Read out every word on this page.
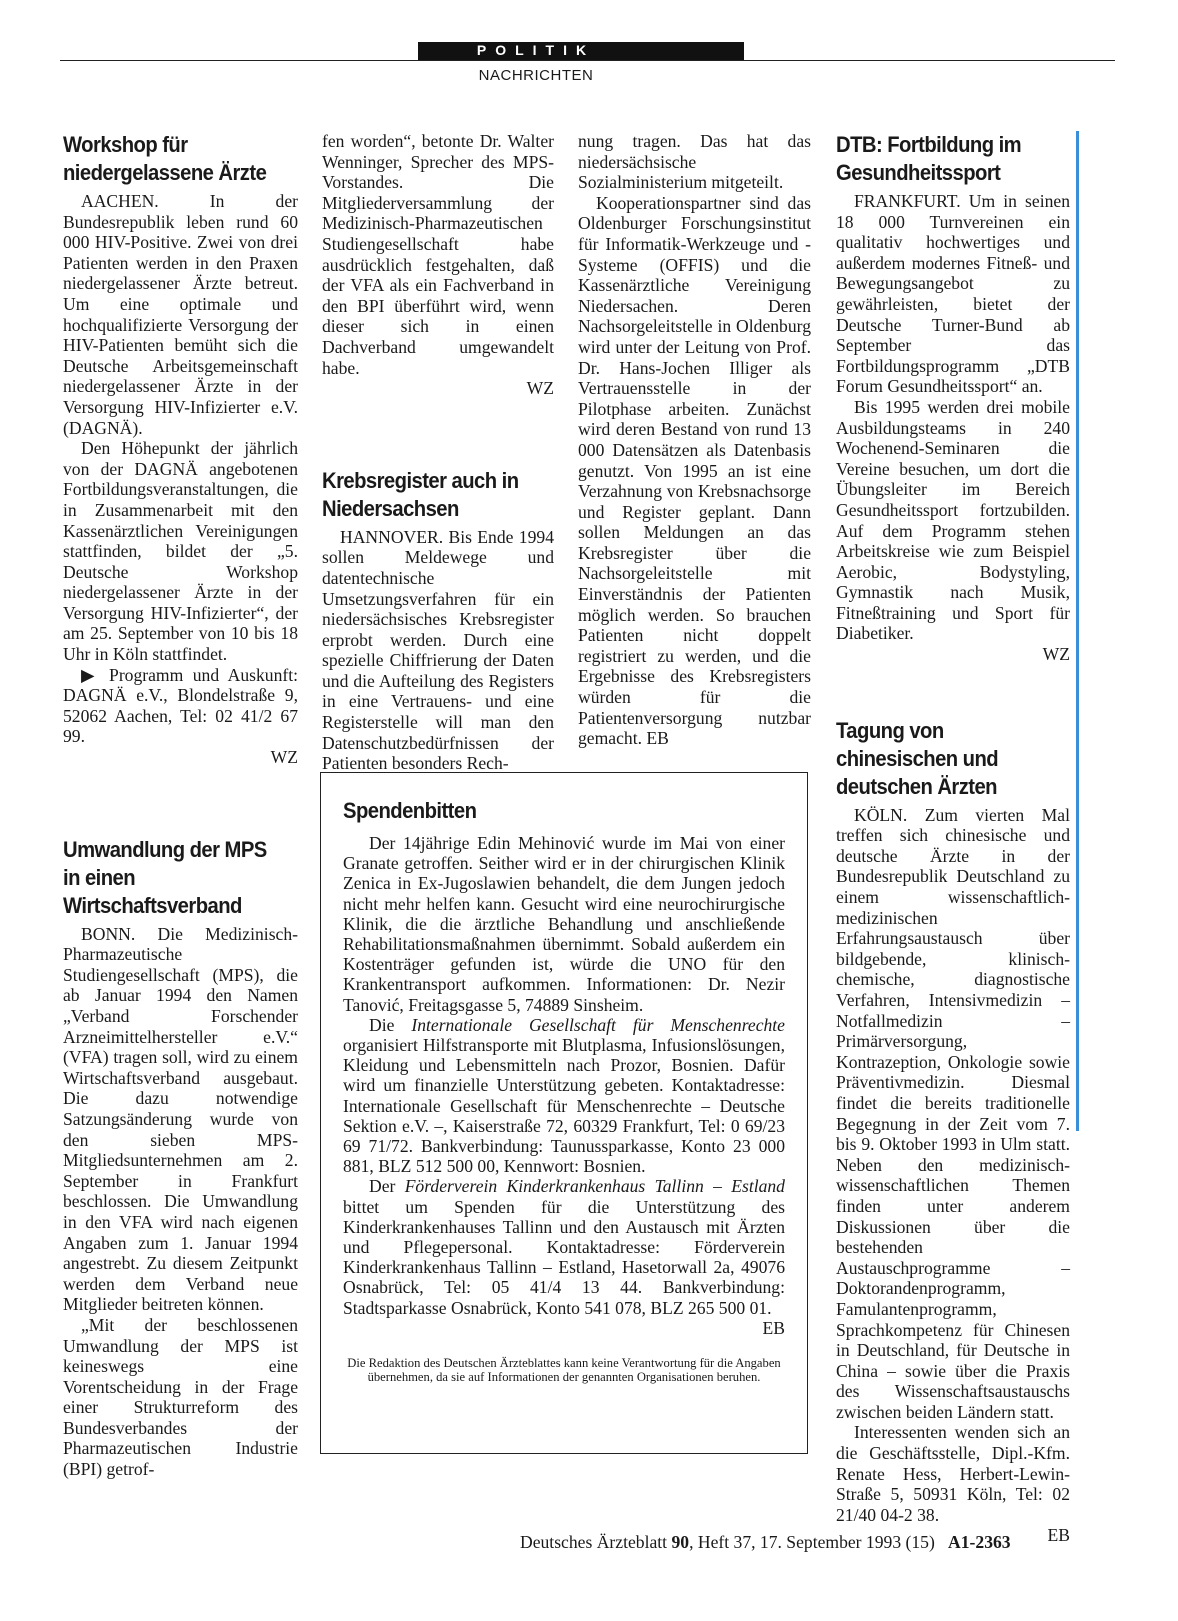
POLITIK
NACHRICHTEN
Workshop für niedergelassene Ärzte

AACHEN. In der Bundesrepublik leben rund 60 000 HIV-Positive. Zwei von drei Patienten werden in den Praxen niedergelassener Ärzte betreut. Um eine optimale und hochqualifizierte Versorgung der HIV-Patienten bemüht sich die Deutsche Arbeitsgemeinschaft niedergelassener Ärzte in der Versorgung HIV-Infizierter e.V. (DAGNÄ).

Den Höhepunkt der jährlich von der DAGNÄ angebotenen Fortbildungsveranstaltungen, die in Zusammenarbeit mit den Kassenärztlichen Vereinigungen stattfinden, bildet der „5. Deutsche Workshop niedergelassener Ärzte in der Versorgung HIV-Infizierter“, der am 25. September von 10 bis 18 Uhr in Köln stattfindet.

▶ Programm und Auskunft: DAGNÄ e.V., Blondelstraße 9, 52062 Aachen, Tel: 02 41/2 67 99.

WZ

Umwandlung der MPS in einen Wirtschaftsverband

BONN. Die Medizinisch-Pharmazeutische Studiengesellschaft (MPS), die ab Januar 1994 den Namen „Verband Forschender Arzneimittelhersteller e.V.“ (VFA) tragen soll, wird zu einem Wirtschaftsverband ausgebaut. Die dazu notwendige Satzungsänderung wurde von den sieben MPS-Mitgliedsunternehmen am 2. September in Frankfurt beschlossen. Die Umwandlung in den VFA wird nach eigenen Angaben zum 1. Januar 1994 angestrebt. Zu diesem Zeitpunkt werden dem Verband neue Mitglieder beitreten können.

„Mit der beschlossenen Umwandlung der MPS ist keineswegs eine Vorentscheidung in der Frage einer Strukturreform des Bundesverbandes der Pharmazeutischen Industrie (BPI) getrof-

fen worden“, betonte Dr. Walter Wenninger, Sprecher des MPS-Vorstandes. Die Mitgliederversammlung der Medizinisch-Pharmazeutischen Studiengesellschaft habe ausdrücklich festgehalten, daß der VFA als ein Fachverband in den BPI überführt wird, wenn dieser sich in einen Dachverband umgewandelt habe.

WZ

Krebsregister auch in Niedersachsen

HANNOVER. Bis Ende 1994 sollen Meldewege und datentechnische Umsetzungsverfahren für ein niedersächsisches Krebsregister erprobt werden. Durch eine spezielle Chiffrierung der Daten und die Aufteilung des Registers in eine Vertrauens- und eine Registerstelle will man den Datenschutzbedürfnissen der Patienten besonders Rech-

nung tragen. Das hat das niedersächsische Sozialministerium mitgeteilt.

Kooperationspartner sind das Oldenburger Forschungsinstitut für Informatik-Werkzeuge und -Systeme (OFFIS) und die Kassenärztliche Vereinigung Niedersachen. Deren Nachsorgeleitstelle in Oldenburg wird unter der Leitung von Prof. Dr. Hans-Jochen Illiger als Vertrauensstelle in der Pilotphase arbeiten. Zunächst wird deren Bestand von rund 13 000 Datensätzen als Datenbasis genutzt. Von 1995 an ist eine Verzahnung von Krebsnachsorge und Register geplant. Dann sollen Meldungen an das Krebsregister über die Nachsorgeleitstelle mit Einverständnis der Patienten möglich werden. So brauchen Patienten nicht doppelt registriert zu werden, und die Ergebnisse des Krebsregisters würden für die Patientenversorgung nutzbar gemacht. EB

DTB: Fortbildung im Gesundheitssport

FRANKFURT. Um in seinen 18 000 Turnvereinen ein qualitativ hochwertiges und außerdem modernes Fitneß- und Bewegungsangebot zu gewährleisten, bietet der Deutsche Turner-Bund ab September das Fortbildungsprogramm „DTB Forum Gesundheitssport“ an.

Bis 1995 werden drei mobile Ausbildungsteams in 240 Wochenend-Seminaren die Vereine besuchen, um dort die Übungsleiter im Bereich Gesundheitssport fortzubilden. Auf dem Programm stehen Arbeitskreise wie zum Beispiel Aerobic, Bodystyling, Gymnastik nach Musik, Fitneßtraining und Sport für Diabetiker.

WZ

Tagung von chinesischen und deutschen Ärzten

KÖLN. Zum vierten Mal treffen sich chinesische und deutsche Ärzte in der Bundesrepublik Deutschland zu einem wissenschaftlich-medizinischen Erfahrungsaustausch über bildgebende, klinisch-chemische, diagnostische Verfahren, Intensivmedizin – Notfallmedizin – Primärversorgung, Kontrazeption, Onkologie sowie Präventivmedizin. Diesmal findet die bereits traditionelle Begegnung in der Zeit vom 7. bis 9. Oktober 1993 in Ulm statt. Neben den medizinisch-wissenschaftlichen Themen finden unter anderem Diskussionen über die bestehenden Austauschprogramme – Doktorandenprogramm, Famulantenprogramm, Sprachkompetenz für Chinesen in Deutschland, für Deutsche in China – sowie über die Praxis des Wissenschaftsaustauschs zwischen beiden Ländern statt.

Interessenten wenden sich an die Geschäftsstelle, Dipl.-Kfm. Renate Hess, Herbert-Lewin-Straße 5, 50931 Köln, Tel: 02 21/40 04-2 38.

EB

Spendenbitten

Der 14jährige Edin Mehinović wurde im Mai von einer Granate getroffen. Seither wird er in der chirurgischen Klinik Zenica in Ex-Jugoslawien behandelt, die dem Jungen jedoch nicht mehr helfen kann. Gesucht wird eine neurochirurgische Klinik, die die ärztliche Behandlung und anschließende Rehabilitationsmaßnahmen übernimmt. Sobald außerdem ein Kostenträger gefunden ist, würde die UNO für den Krankentransport aufkommen. Informationen: Dr. Nezir Tanović, Freitagsgasse 5, 74889 Sinsheim.

Die Internationale Gesellschaft für Menschenrechte organisiert Hilfstransporte mit Blutplasma, Infusionslösungen, Kleidung und Lebensmitteln nach Prozor, Bosnien. Dafür wird um finanzielle Unterstützung gebeten. Kontaktadresse: Internationale Gesellschaft für Menschenrechte – Deutsche Sektion e.V. –, Kaiserstraße 72, 60329 Frankfurt, Tel: 0 69/23 69 71/72. Bankverbindung: Taunussparkasse, Konto 23 000 881, BLZ 512 500 00, Kennwort: Bosnien.

Der Förderverein Kinderkrankenhaus Tallinn – Estland bittet um Spenden für die Unterstützung des Kinderkrankenhauses Tallinn und den Austausch mit Ärzten und Pflegepersonal. Kontaktadresse: Förderverein Kinderkrankenhaus Tallinn – Estland, Hasetorwall 2a, 49076 Osnabrück, Tel: 05 41/4 13 44. Bankverbindung: Stadtsparkasse Osnabrück, Konto 541 078, BLZ 265 500 01.

EB

Die Redaktion des Deutschen Ärzteblattes kann keine Verantwortung für die Angaben übernehmen, da sie auf Informationen der genannten Organisationen beruhen.

Deutsches Ärzteblatt 90, Heft 37, 17. September 1993 (15) A1-2363
